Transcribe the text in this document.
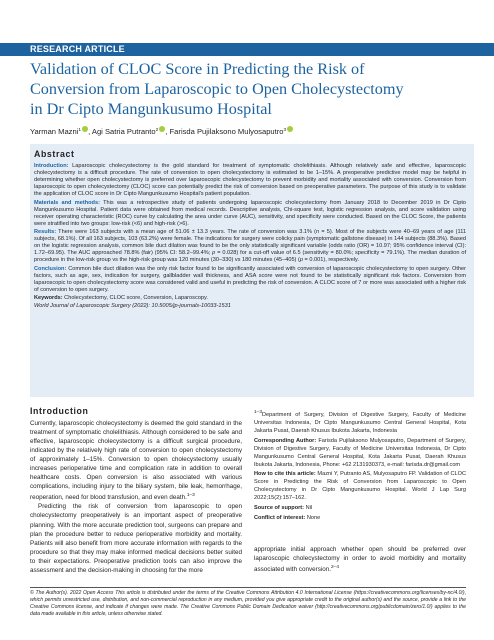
RESEARCH ARTICLE
Validation of CLOC Score in Predicting the Risk of
Conversion from Laparoscopic to Open Cholecystectomy
in Dr Cipto Mangunkusumo Hospital
Yarman Mazni$^1$ , Agi Satria Putranto$^2$ , Farisda Pujilaksono Mulyosaputro$^3$
Abstract

Introduction: Laparoscopic cholecystectomy is the gold standard for treatment of symptomatic cholelithiasis. Although relatively safe and effective, laparoscopic cholecystectomy is a difficult procedure. The rate of conversion to open cholecystectomy is estimated to be 1–15%. A preoperative predictive model may be helpful in determining whether open cholecystectomy is preferred over laparoscopic cholecystectomy to prevent morbidity and mortality associated with conversion. Conversion from laparoscopic to open cholecystectomy (CLOC) score can potentially predict the risk of conversion based on preoperative parameters. The purpose of this study is to validate the application of CLOC score in Dr Cipto Mangunkusumo Hospital's patient population.

Materials and methods: This was a retrospective study of patients undergoing laparoscopic cholecystectomy from January 2018 to December 2019 in Dr Cipto Mangunkusumo Hospital. Patient data were obtained from medical records. Descriptive analysis, Chi-square test, logistic regression analysis, and score validation using receiver operating characteristic (ROC) curve by calculating the area under curve (AUC), sensitivity, and specificity were conducted. Based on the CLOC Score, the patients were stratified into two groups: low-risk (<6) and high-risk (>6).

Results: There were 163 subjects with a mean age of 51.06 ± 13.3 years. The rate of conversion was 3.1% (n = 5). Most of the subjects were 40–69 years of age (111 subjects, 68.1%). Of all 163 subjects, 103 (63.2%) were female. The indications for surgery were colicky pain (symptomatic gallstone disease) in 144 subjects (88.3%). Based on the logistic regression analysis, common bile duct dilation was found to be the only statistically significant variable (odds ratio (OR) = 10.97; 95% confidence interval (CI): 1.72–69.95). The AUC approached 78.8% (fair) (95% CI: 58.2–99.4%; p = 0.028) for a cut-off value of 6.5 (sensitivity = 80.0%; specificity = 79.1%). The median duration of procedure in the low-risk group vs the high-risk group was 120 minutes (30–330) vs 180 minutes (45–405) (p = 0.001), respectively.

Conclusion: Common bile duct dilation was the only risk factor found to be significantly associated with conversion of laparoscopic cholecystectomy to open surgery. Other factors, such as age, sex, indication for surgery, gallbladder wall thickness, and ASA score were not found to be statistically significant risk factors. Conversion from laparoscopic to open cholecystectomy score was considered valid and useful in predicting the risk of conversion. A CLOC score of 7 or more was associated with a higher risk of conversion to open surgery.

Keywords: Cholecystectomy, CLOC score, Conversion, Laparoscopy.

World Journal of Laparoscopic Surgery (2022): 10.5005/jp-journals-10033-1531

Introduction

Currently, laparoscopic cholecystectomy is deemed the gold standard in the treatment of symptomatic cholelithiasis. Although considered to be safe and effective, laparoscopic cholecystectomy is a difficult surgical procedure, indicated by the relatively high rate of conversion to open cholecystectomy of approximately 1–15%. Conversion to open cholecystectomy usually increases perioperative time and complication rate in addition to overall healthcare costs. Open conversion is also associated with various complications, including injury to the biliary system, bile leak, hemorrhage, reoperation, need for blood transfusion, and even death.$^{1-3}$
Predicting the risk of conversion from laparoscopic to open cholecystectomy preoperatively is an important aspect of preoperative planning. With the more accurate prediction tool, surgeons can prepare and plan the procedure better to reduce perioperative morbidity and mortality. Patients will also benefit from more accurate information with regards to the procedure so that they may make informed medical decisions better suited to their expectations. Preoperative prediction tools can also improve the assessment and the decision-making in choosing for the more

$^{1-3}$Department of Surgery, Division of Digestive Surgery, Faculty of Medicine Universitas Indonesia, Dr Cipto Mangunkusumo Central General Hospital, Kota Jakarta Pusat, Daerah Khusus Ibukota Jakarta, Indonesia

Corresponding Author: Farisda Pujilaksono Mulyosaputro, Department of Surgery, Division of Digestive Surgery, Faculty of Medicine Universitas Indonesia, Dr Cipto Mangunkusumo Central General Hospital, Kota Jakarta Pusat, Daerah Khusus Ibukota Jakarta, Indonesia, Phone: +62 2131930373, e-mail: farisda.dr@gmail.com

How to cite this article: Mazni Y, Putranto AS, Mulyosaputro FP. Validation of CLOC Score in Predicting the Risk of Conversion from Laparoscopic to Open Cholecystectomy in Dr Cipto Mangunkusumo Hospital. World J Lap Surg 2022;15(2):157–162.

Source of support: Nil

Conflict of interest: None

appropriate initial approach whether open should be preferred over laparoscopic cholecystectomy in order to avoid morbidity and mortality associated with conversion.$^{2-4}$

© The Author(s). 2022 Open Access This article is distributed under the terms of the Creative Commons Attribution 4.0 International License (https://creativecommons.org/licenses/by-nc/4.0/), which permits unrestricted use, distribution, and non-commercial reproduction in any medium, provided you give appropriate credit to the original author(s) and the source, provide a link to the Creative Commons license, and indicate if changes were made. The Creative Commons Public Domain Dedication waiver (http://creativecommons.org/publicdomain/zero/1.0/) applies to the data made available in this article, unless otherwise stated.
